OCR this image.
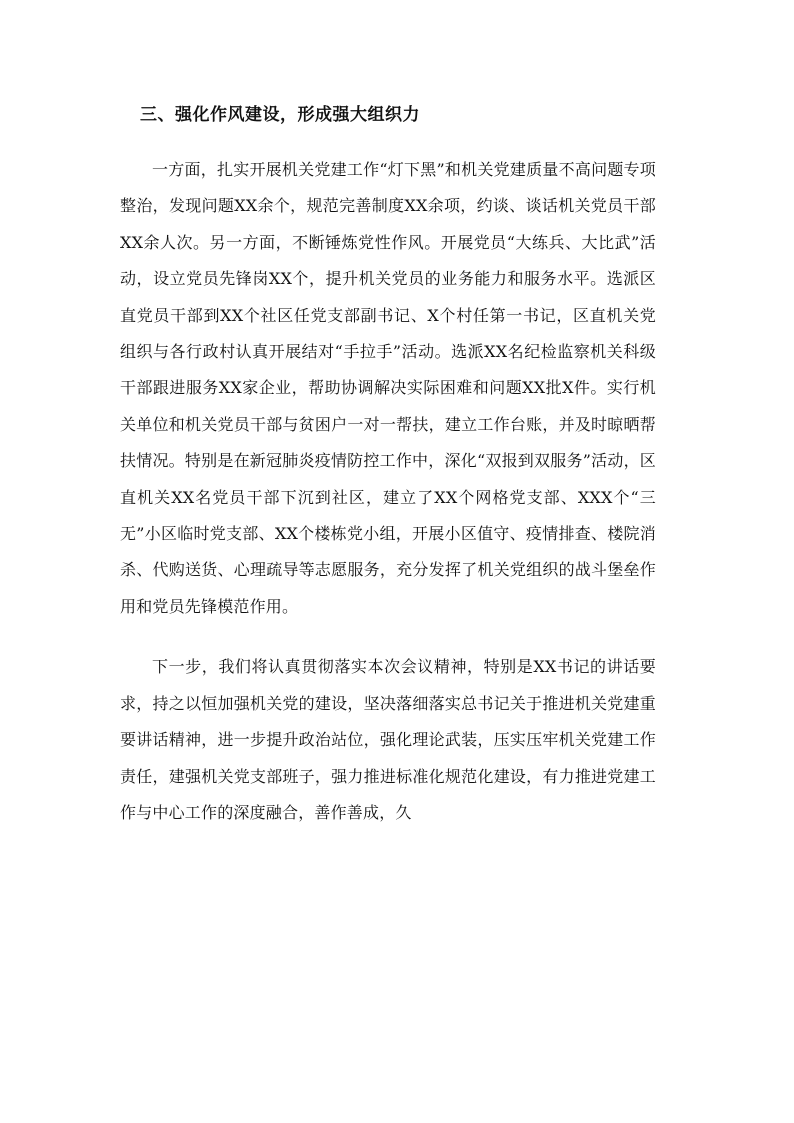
三、强化作风建设，形成强大组织力

一方面，扎实开展机关党建工作“灯下黑”和机关党建质量不高问题专项整治，发现问题XX余个，规范完善制度XX余项，约谈、谈话机关党员干部XX余人次。另一方面，不断锤炼党性作风。开展党员“大练兵、大比武”活动，设立党员先锋岗XX个，提升机关党员的业务能力和服务水平。选派区直党员干部到XX个社区任党支部副书记、X个村任第一书记，区直机关党组织与各行政村认真开展结对“手拉手”活动。选派XX名纪检监察机关科级干部跟进服务XX家企业，帮助协调解决实际困难和问题XX批X件。实行机关单位和机关党员干部与贫困户一对一帮扶，建立工作台账，并及时晾晒帮扶情况。特别是在新冠肺炎疫情防控工作中，深化“双报到双服务”活动，区直机关XX名党员干部下沉到社区，建立了XX个网格党支部、XXX个“三无”小区临时党支部、XX个楼栋党小组，开展小区值守、疫情排查、楼院消杀、代购送货、心理疏导等志愿服务，充分发挥了机关党组织的战斗堡垒作用和党员先锋模范作用。

下一步，我们将认真贯彻落实本次会议精神，特别是XX书记的讲话要求，持之以恒加强机关党的建设，坚决落细落实总书记关于推进机关党建重要讲话精神，进一步提升政治站位，强化理论武装，压实压牢机关党建工作责任，建强机关党支部班子，强力推进标准化规范化建设，有力推进党建工作与中心工作的深度融合，善作善成，久
